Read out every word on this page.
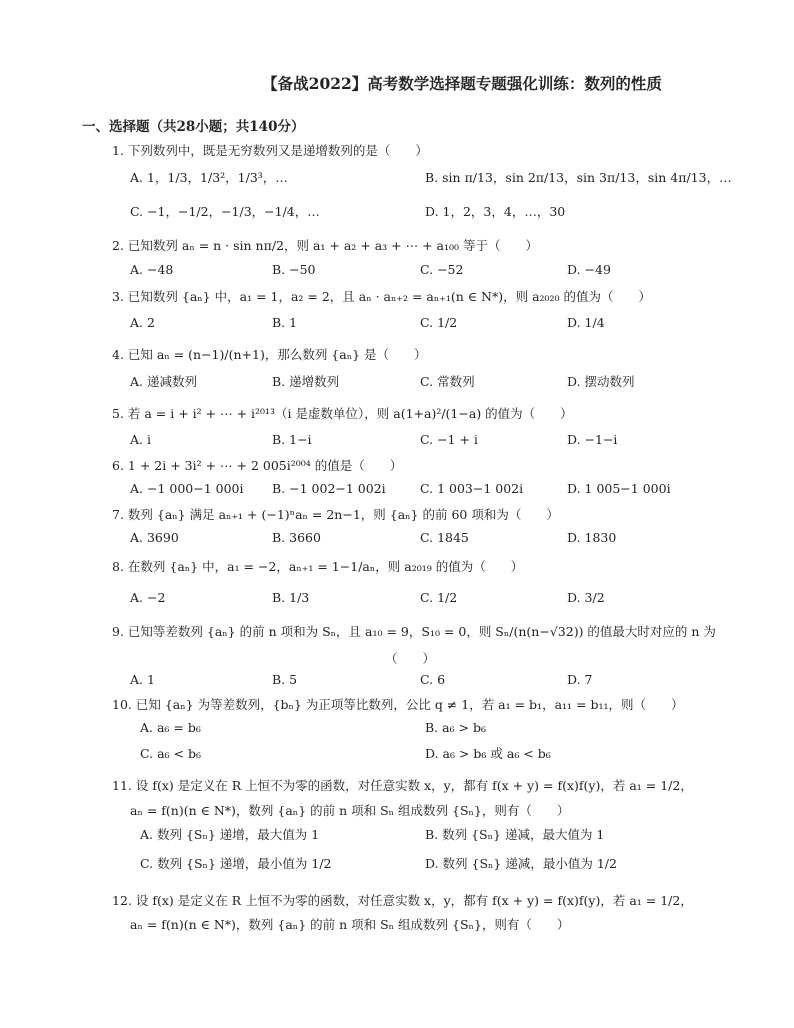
【备战2022】高考数学选择题专题强化训练：数列的性质
一、选择题（共28小题；共140分）
1. 下列数列中，既是无穷数列又是递增数列的是（　　）
A. 1，1/3，1/3²，1/3³，…	B. sin π/13，sin 2π/13，sin 3π/13，sin 4π/13，…
C. −1，−1/2，−1/3，−1/4，…	D. 1，2，3，4，…，30
2. 已知数列 aₙ = n · sin nπ/2，则 a₁ + a₂ + a₃ + ⋯ + a₁₀₀ 等于（　　）
A. −48	B. −50	C. −52	D. −49
3. 已知数列 {aₙ} 中，a₁ = 1，a₂ = 2，且 aₙ · aₙ₊₂ = aₙ₊₁(n ∈ N*)，则 a₂₀₂₀ 的值为（　　）
A. 2	B. 1	C. 1/2	D. 1/4
4. 已知 aₙ = (n−1)/(n+1)，那么数列 {aₙ} 是（　　）
A. 递减数列	B. 递增数列	C. 常数列	D. 摆动数列
5. 若 a = i + i² + ⋯ + i²⁰¹³（i 是虚数单位），则 a(1+a)²/(1−a) 的值为（　　）
A. i	B. 1−i	C. −1 + i	D. −1−i
6. 1 + 2i + 3i² + ⋯ + 2 005i²⁰⁰⁴ 的值是（　　）
A. −1 000−1 000i B. −1 002−1 002i	C. 1 003−1 002i	D. 1 005−1 000i
7. 数列 {aₙ} 满足 aₙ₊₁ + (−1)ⁿaₙ = 2n−1，则 {aₙ} 的前 60 项和为（　　）
A. 3690	B. 3660	C. 1845	D. 1830
8. 在数列 {aₙ} 中，a₁ = −2，aₙ₊₁ = 1−1/aₙ，则 a₂₀₁₉ 的值为（　　）
A. −2	B. 1/3	C. 1/2	D. 3/2
9. 已知等差数列 {aₙ} 的前 n 项和为 Sₙ，且 a₁₀ = 9，S₁₀ = 0，则 Sₙ/(n(n−√32)) 的值最大时对应的 n 为
（　　）
A. 1	B. 5	C. 6	D. 7
10. 已知 {aₙ} 为等差数列，{bₙ} 为正项等比数列，公比 q ≠ 1，若 a₁ = b₁，a₁₁ = b₁₁，则（　　）
A. a₆ = b₆	B. a₆ > b₆
C. a₆ < b₆	D. a₆ > b₆ 或 a₆ < b₆
11. 设 f(x) 是定义在 R 上恒不为零的函数，对任意实数 x，y，都有 f(x + y) = f(x)f(y)，若 a₁ = 1/2，
aₙ = f(n)(n ∈ N*)，数列 {aₙ} 的前 n 项和 Sₙ 组成数列 {Sₙ}，则有（　　）
A. 数列 {Sₙ} 递增，最大值为 1	B. 数列 {Sₙ} 递减，最大值为 1
C. 数列 {Sₙ} 递增，最小值为 1/2	D. 数列 {Sₙ} 递减，最小值为 1/2
12. 设 f(x) 是定义在 R 上恒不为零的函数，对任意实数 x，y，都有 f(x + y) = f(x)f(y)，若 a₁ = 1/2，
aₙ = f(n)(n ∈ N*)，数列 {aₙ} 的前 n 项和 Sₙ 组成数列 {Sₙ}，则有（　　）
